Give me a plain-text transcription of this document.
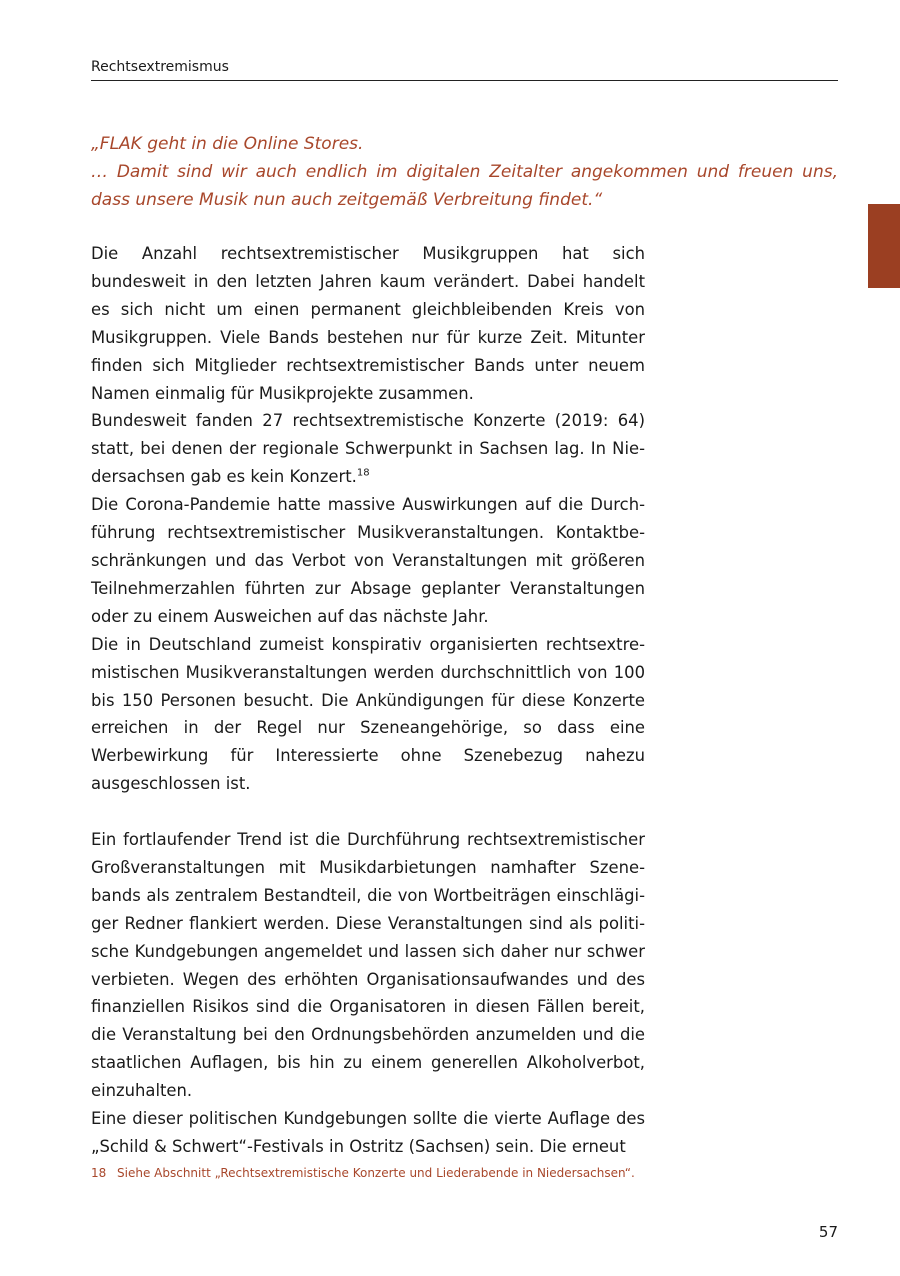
Rechtsextremismus

„FLAK geht in die Online Stores.

… Damit sind wir auch endlich im digitalen Zeitalter angekommen und freuen uns, dass unsere Musik nun auch zeitgemäß Verbreitung findet.“

Die Anzahl rechtsextremistischer Musikgruppen hat sich bundesweit in den letzten Jahren kaum verändert. Dabei handelt es sich nicht um einen permanent gleichbleibenden Kreis von Musikgruppen. Viele Bands bestehen nur für kurze Zeit. Mitunter finden sich Mitglieder rechtsextremistischer Bands unter neuem Namen einmalig für Musikprojekte zusammen.

Bundesweit fanden 27 rechtsextremistische Konzerte (2019: 64) statt, bei denen der regionale Schwerpunkt in Sachsen lag. In Niedersachsen gab es kein Konzert.$^{18}$

Die Corona-Pandemie hatte massive Auswirkungen auf die Durchführung rechtsextremistischer Musikveranstaltungen. Kontaktbeschränkungen und das Verbot von Veranstaltungen mit größeren Teilnehmerzahlen führten zur Absage geplanter Veranstaltungen oder zu einem Ausweichen auf das nächste Jahr.

Die in Deutschland zumeist konspirativ organisierten rechtsextremistischen Musikveranstaltungen werden durchschnittlich von 100 bis 150 Personen besucht. Die Ankündigungen für diese Konzerte erreichen in der Regel nur Szeneangehörige, so dass eine Werbewirkung für Interessierte ohne Szenebezug nahezu ausgeschlossen ist.

Ein fortlaufender Trend ist die Durchführung rechtsextremistischer Großveranstaltungen mit Musikdarbietungen namhafter Szenebands als zentralem Bestandteil, die von Wortbeiträgen einschlägiger Redner flankiert werden. Diese Veranstaltungen sind als politische Kundgebungen angemeldet und lassen sich daher nur schwer verbieten. Wegen des erhöhten Organisationsaufwandes und des finanziellen Risikos sind die Organisatoren in diesen Fällen bereit, die Veranstaltung bei den Ordnungsbehörden anzumelden und die staatlichen Auflagen, bis hin zu einem generellen Alkoholverbot, einzuhalten.

Eine dieser politischen Kundgebungen sollte die vierte Auflage des „Schild & Schwert“-Festivals in Ostritz (Sachsen) sein. Die erneut

18 Siehe Abschnitt „Rechtsextremistische Konzerte und Liederabende in Niedersachsen“.
57
